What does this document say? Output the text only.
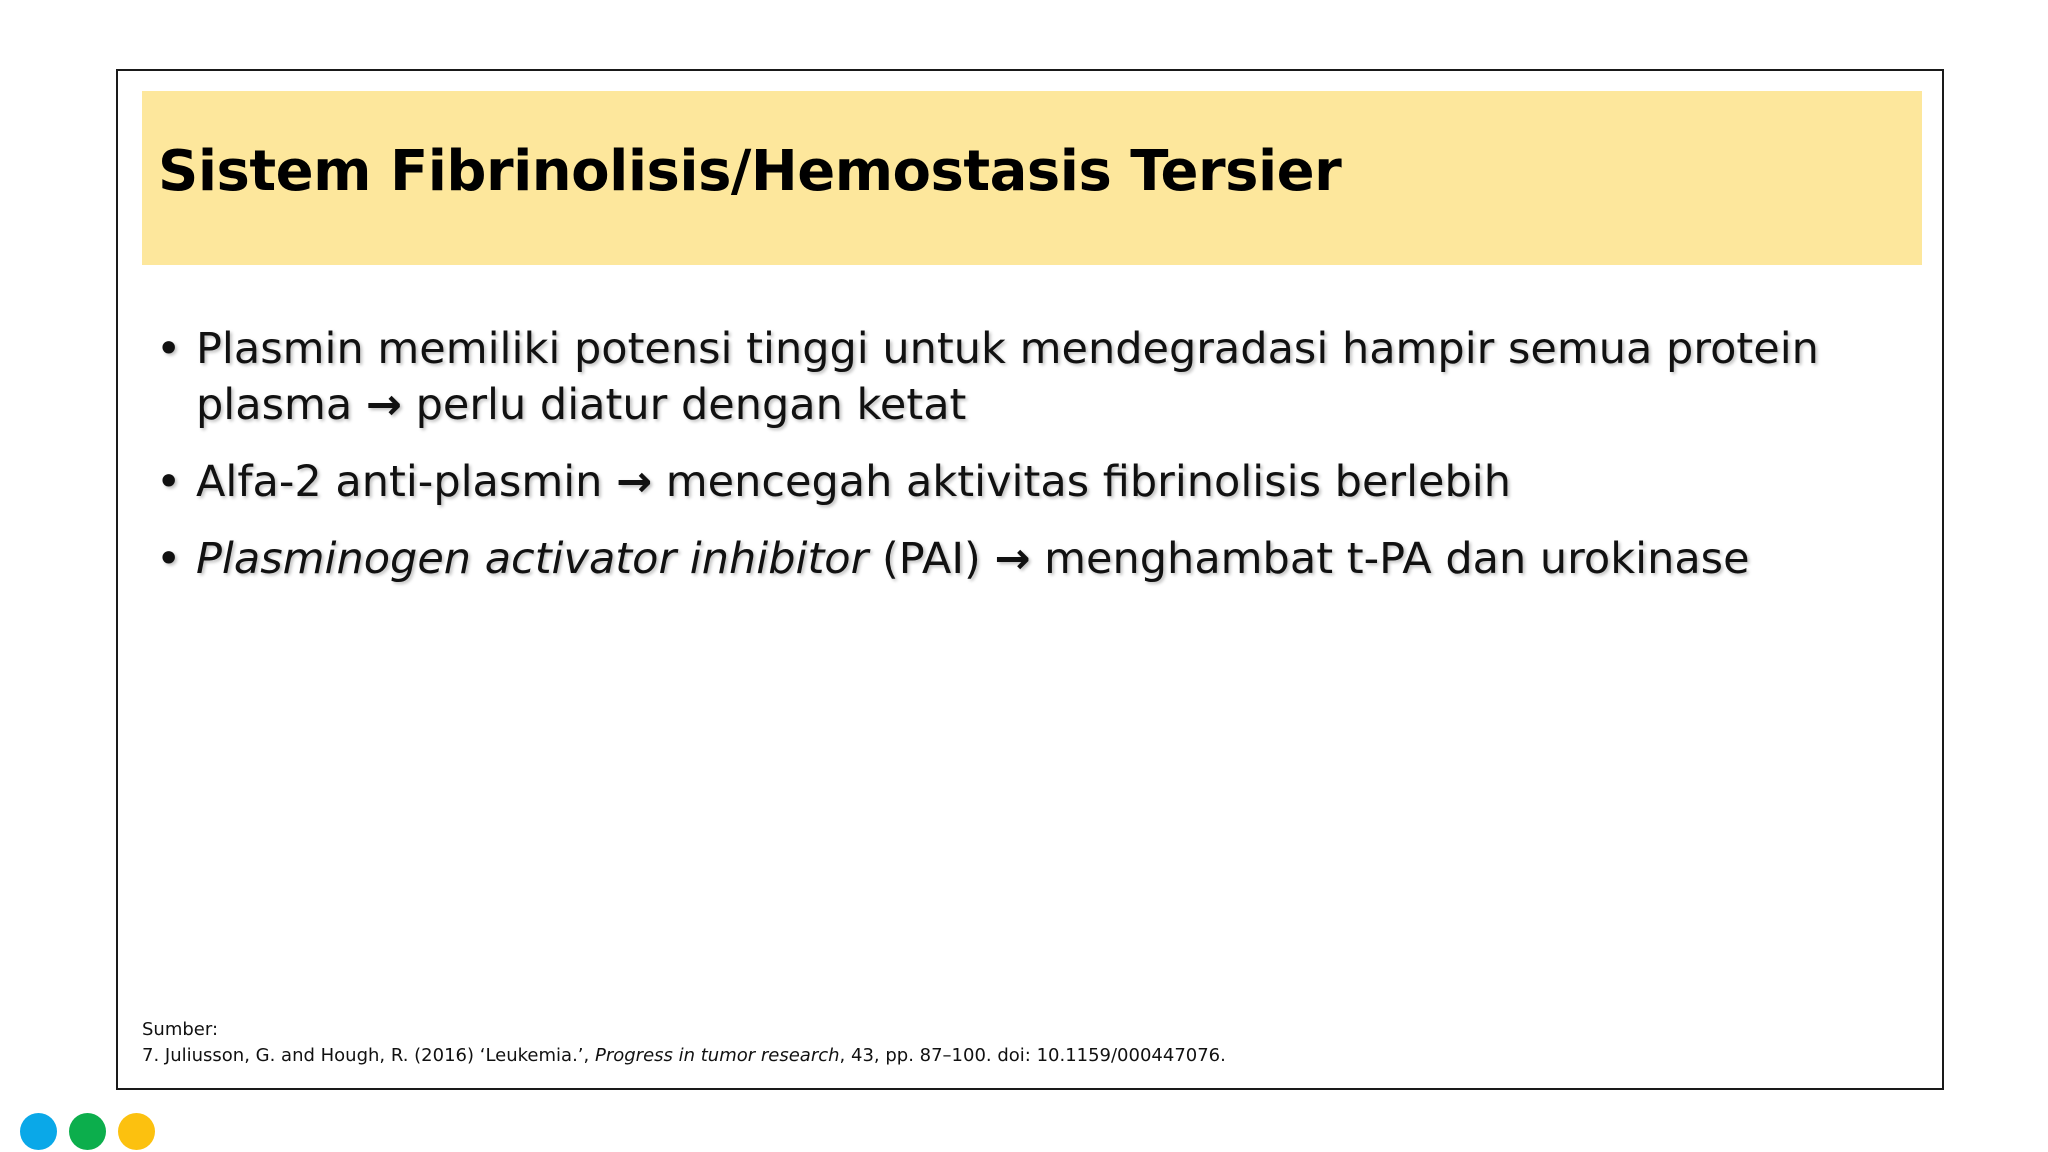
Sistem Fibrinolisis/Hemostasis Tersier
• Plasmin memiliki potensi tinggi untuk mendegradasi hampir semua protein
plasma → perlu diatur dengan ketat
• Alfa-2 anti-plasmin → mencegah aktivitas fibrinolisis berlebih
• Plasminogen activator inhibitor (PAI) → menghambat t-PA dan urokinase
Sumber:
7. Juliusson, G. and Hough, R. (2016) ‘Leukemia.’, Progress in tumor research, 43, pp. 87–100. doi: 10.1159/000447076.
